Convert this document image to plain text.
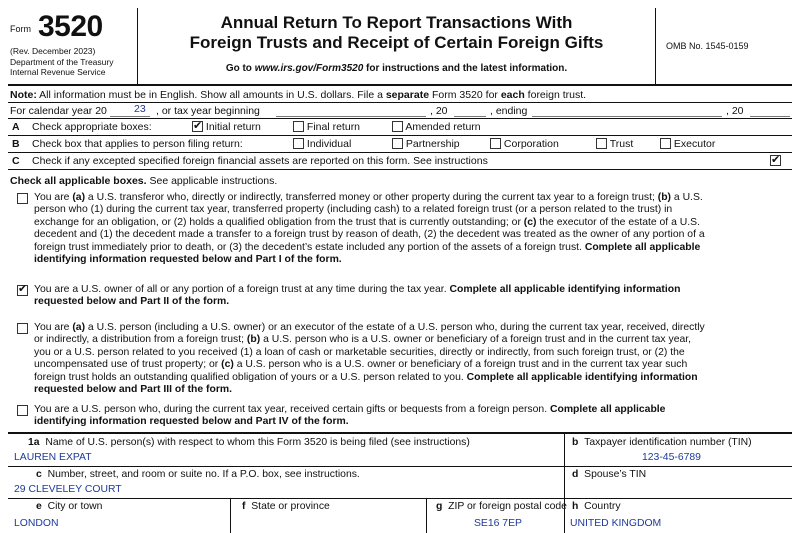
Form 3520
(Rev. December 2023)
Department of the Treasury
Internal Revenue Service
Annual Return To Report Transactions With
Foreign Trusts and Receipt of Certain Foreign Gifts
Go to www.irs.gov/Form3520 for instructions and the latest information.
OMB No. 1545-0159
Note: All information must be in English. Show all amounts in U.S. dollars. File a separate Form 3520 for each foreign trust.
For calendar year 20	23 , or tax year beginning	, 20	, ending	, 20
A Check appropriate boxes:
✔	Initial return	Final return	Amended return
B Check box that applies to person filing return:	Individual	Partnership	Corporation	Trust	Executor
C Check if any excepted specified foreign financial assets are reported on this form. See instructions
✔
Check all applicable boxes. See applicable instructions.
You are (a) a U.S. transferor who, directly or indirectly, transferred money or other property during the current tax year to a foreign trust; (b) a U.S.
person who (1) during the current tax year, transferred property (including cash) to a related foreign trust (or a person related to the trust) in
exchange for an obligation, or (2) holds a qualified obligation from the trust that is currently outstanding; or (c) the executor of the estate of a U.S.
decedent and (1) the decedent made a transfer to a foreign trust by reason of death, (2) the decedent was treated as the owner of any portion of a
foreign trust immediately prior to death, or (3) the decedent’s estate included any portion of the assets of a foreign trust. Complete all applicable
identifying information requested below and Part I of the form.
✔
You are a U.S. owner of all or any portion of a foreign trust at any time during the tax year. Complete all applicable identifying information
requested below and Part II of the form.
You are (a) a U.S. person (including a U.S. owner) or an executor of the estate of a U.S. person who, during the current tax year, received, directly
or indirectly, a distribution from a foreign trust; (b) a U.S. person who is a U.S. owner or beneficiary of a foreign trust and in the current tax year,
you or a U.S. person related to you received (1) a loan of cash or marketable securities, directly or indirectly, from such foreign trust, or (2) the
uncompensated use of trust property; or (c) a U.S. person who is a U.S. owner or beneficiary of a foreign trust and in the current tax year such
foreign trust holds an outstanding qualified obligation of yours or a U.S. person related to you. Complete all applicable identifying information
requested below and Part III of the form.
You are a U.S. person who, during the current tax year, received certain gifts or bequests from a foreign person. Complete all applicable
identifying information requested below and Part IV of the form.
1a Name of U.S. person(s) with respect to whom this Form 3520 is being filed (see instructions)
LAUREN EXPAT
b Taxpayer identification number (TIN)
123-45-6789
c Number, street, and room or suite no. If a P.O. box, see instructions.
29 CLEVELEY COURT
d Spouse’s TIN
e City or town
LONDON
f State or province	g ZIP or foreign postal code
SE16 7EP
h Country
UNITED KINGDOM
